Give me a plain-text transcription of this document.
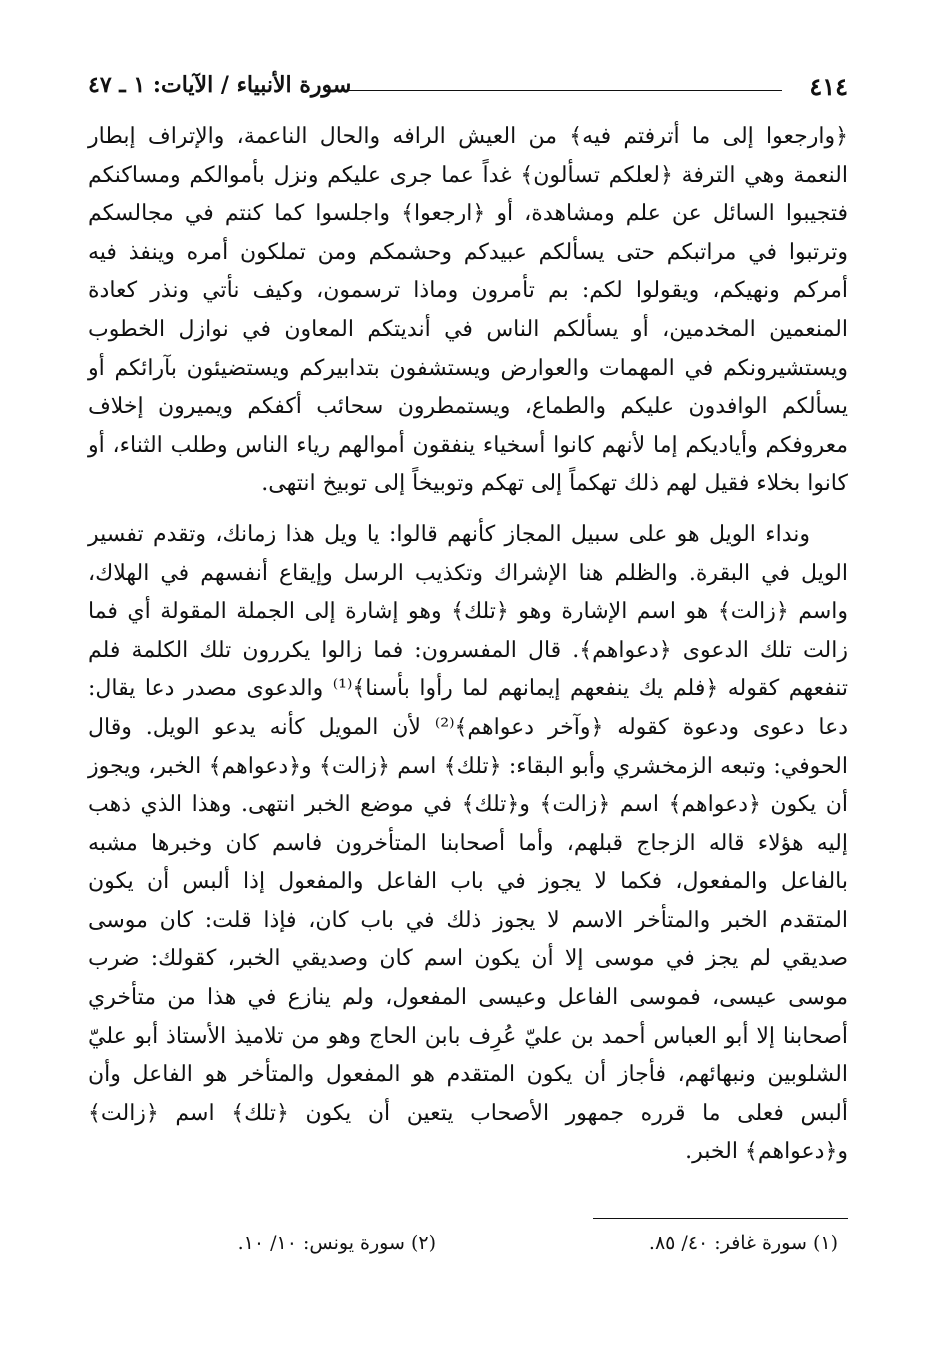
٤١٤
سورة الأنبياء / الآيات: ١ ـ ٤٧

﴿وارجعوا إلى ما أترفتم فيه﴾ من العيش الرافه والحال الناعمة، والإتراف إبطار النعمة وهي الترفة ﴿لعلكم تسألون﴾ غداً عما جرى عليكم ونزل بأموالكم ومساكنكم فتجيبوا السائل عن علم ومشاهدة، أو ﴿ارجعوا﴾ واجلسوا كما كنتم في مجالسكم وترتبوا في مراتبكم حتى يسألكم عبيدكم وحشمكم ومن تملكون أمره وينفذ فيه أمركم ونهيكم، ويقولوا لكم: بم تأمرون وماذا ترسمون، وكيف نأتي ونذر كعادة المنعمين المخدمين، أو يسألكم الناس في أنديتكم المعاون في نوازل الخطوب ويستشيرونكم في المهمات والعوارض ويستشفون بتدابيركم ويستضيئون بآرائكم أو يسألكم الوافدون عليكم والطماع، ويستمطرون سحائب أكفكم ويميرون إخلاف معروفكم وأياديكم إما لأنهم كانوا أسخياء ينفقون أموالهم رياء الناس وطلب الثناء، أو كانوا بخلاء فقيل لهم ذلك تهكماً إلى تهكم وتوبيخاً إلى توبيخ انتهى.

ونداء الويل هو على سبيل المجاز كأنهم قالوا: يا ويل هذا زمانك، وتقدم تفسير الويل في البقرة. والظلم هنا الإشراك وتكذيب الرسل وإيقاع أنفسهم في الهلاك، واسم ﴿زالت﴾ هو اسم الإشارة وهو ﴿تلك﴾ وهو إشارة إلى الجملة المقولة أي فما زالت تلك الدعوى ﴿دعواهم﴾. قال المفسرون: فما زالوا يكررون تلك الكلمة فلم تنفعهم كقوله ﴿فلم يك ينفعهم إيمانهم لما رأوا بأسنا﴾⁽¹⁾ والدعوى مصدر دعا يقال: دعا دعوى ودعوة كقوله ﴿وآخر دعواهم﴾⁽²⁾ لأن المويل كأنه يدعو الويل. وقال الحوفي: وتبعه الزمخشري وأبو البقاء: ﴿تلك﴾ اسم ﴿زالت﴾ و﴿دعواهم﴾ الخبر، ويجوز أن يكون ﴿دعواهم﴾ اسم ﴿زالت﴾ و﴿تلك﴾ في موضع الخبر انتهى. وهذا الذي ذهب إليه هؤلاء قاله الزجاج قبلهم، وأما أصحابنا المتأخرون فاسم كان وخبرها مشبه بالفاعل والمفعول، فكما لا يجوز في باب الفاعل والمفعول إذا ألبس أن يكون المتقدم الخبر والمتأخر الاسم لا يجوز ذلك في باب كان، فإذا قلت: كان موسى صديقي لم يجز في موسى إلا أن يكون اسم كان وصديقي الخبر، كقولك: ضرب موسى عيسى، فموسى الفاعل وعيسى المفعول، ولم ينازع في هذا من متأخري أصحابنا إلا أبو العباس أحمد بن عليّ عُرِف بابن الحاج وهو من تلاميذ الأستاذ أبو عليّ الشلوبين ونبهائهم، فأجاز أن يكون المتقدم هو المفعول والمتأخر هو الفاعل وأن ألبس فعلى ما قرره جمهور الأصحاب يتعين أن يكون ﴿تلك﴾ اسم ﴿زالت﴾ و﴿دعواهم﴾ الخبر.

(١) سورة غافر: ٤٠/ ٨٥.
(٢) سورة يونس: ١٠/ ١٠.
